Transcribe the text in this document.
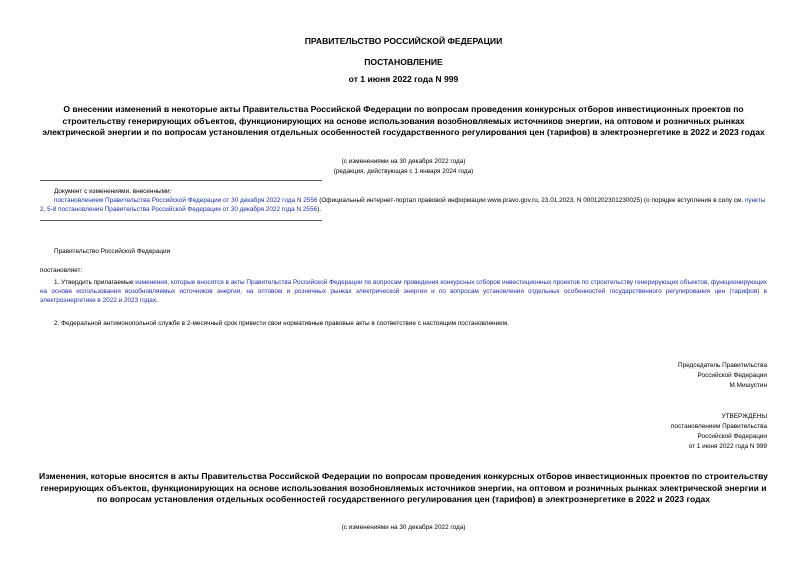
ПРАВИТЕЛЬСТВО РОССИЙСКОЙ ФЕДЕРАЦИИ
ПОСТАНОВЛЕНИЕ
от 1 июня 2022 года N 999
О внесении изменений в некоторые акты Правительства Российской Федерации по вопросам проведения конкурсных отборов инвестиционных проектов по строительству генерирующих объектов, функционирующих на основе использования возобновляемых источников энергии, на оптовом и розничных рынках электрической энергии и по вопросам установления отдельных особенностей государственного регулирования цен (тарифов) в электроэнергетике в 2022 и 2023 годах
(с изменениями на 30 декабря 2022 года)
(редакция, действующая с 1 января 2024 года)
Документ с изменениями, внесенными:
постановлением Правительства Российской Федерации от 30 декабря 2022 года N 2556 (Официальный интернет-портал правовой информации www.pravo.gov.ru, 23.01.2023, N 0001202301230025) (о порядке вступления в силу см. пункты 2, 5-8 постановления Правительства Российской Федерации от 30 декабря 2022 года N 2556).
Правительство Российской Федерации
постановляет:
1. Утвердить прилагаемые изменения, которые вносятся в акты Правительства Российской Федерации по вопросам проведения конкурсных отборов инвестиционных проектов по строительству генерирующих объектов, функционирующих на основе использования возобновляемых источников энергии, на оптовом и розничных рынках электрической энергии и по вопросам установления отдельных особенностей государственного регулирования цен (тарифов) в электроэнергетике в 2022 и 2023 годах.
2. Федеральной антимонопольной службе в 2-месячный срок привести свои нормативные правовые акты в соответствие с настоящим постановлением.
Председатель Правительства
Российской Федерации
М.Мишустин
УТВЕРЖДЕНЫ
постановлением Правительства
Российской Федерации
от 1 июня 2022 года N 999
Изменения, которые вносятся в акты Правительства Российской Федерации по вопросам проведения конкурсных отборов инвестиционных проектов по строительству генерирующих объектов, функционирующих на основе использования возобновляемых источников энергии, на оптовом и розничных рынках электрической энергии и по вопросам установления отдельных особенностей государственного регулирования цен (тарифов) в электроэнергетике в 2022 и 2023 годах
(с изменениями на 30 декабря 2022 года)
